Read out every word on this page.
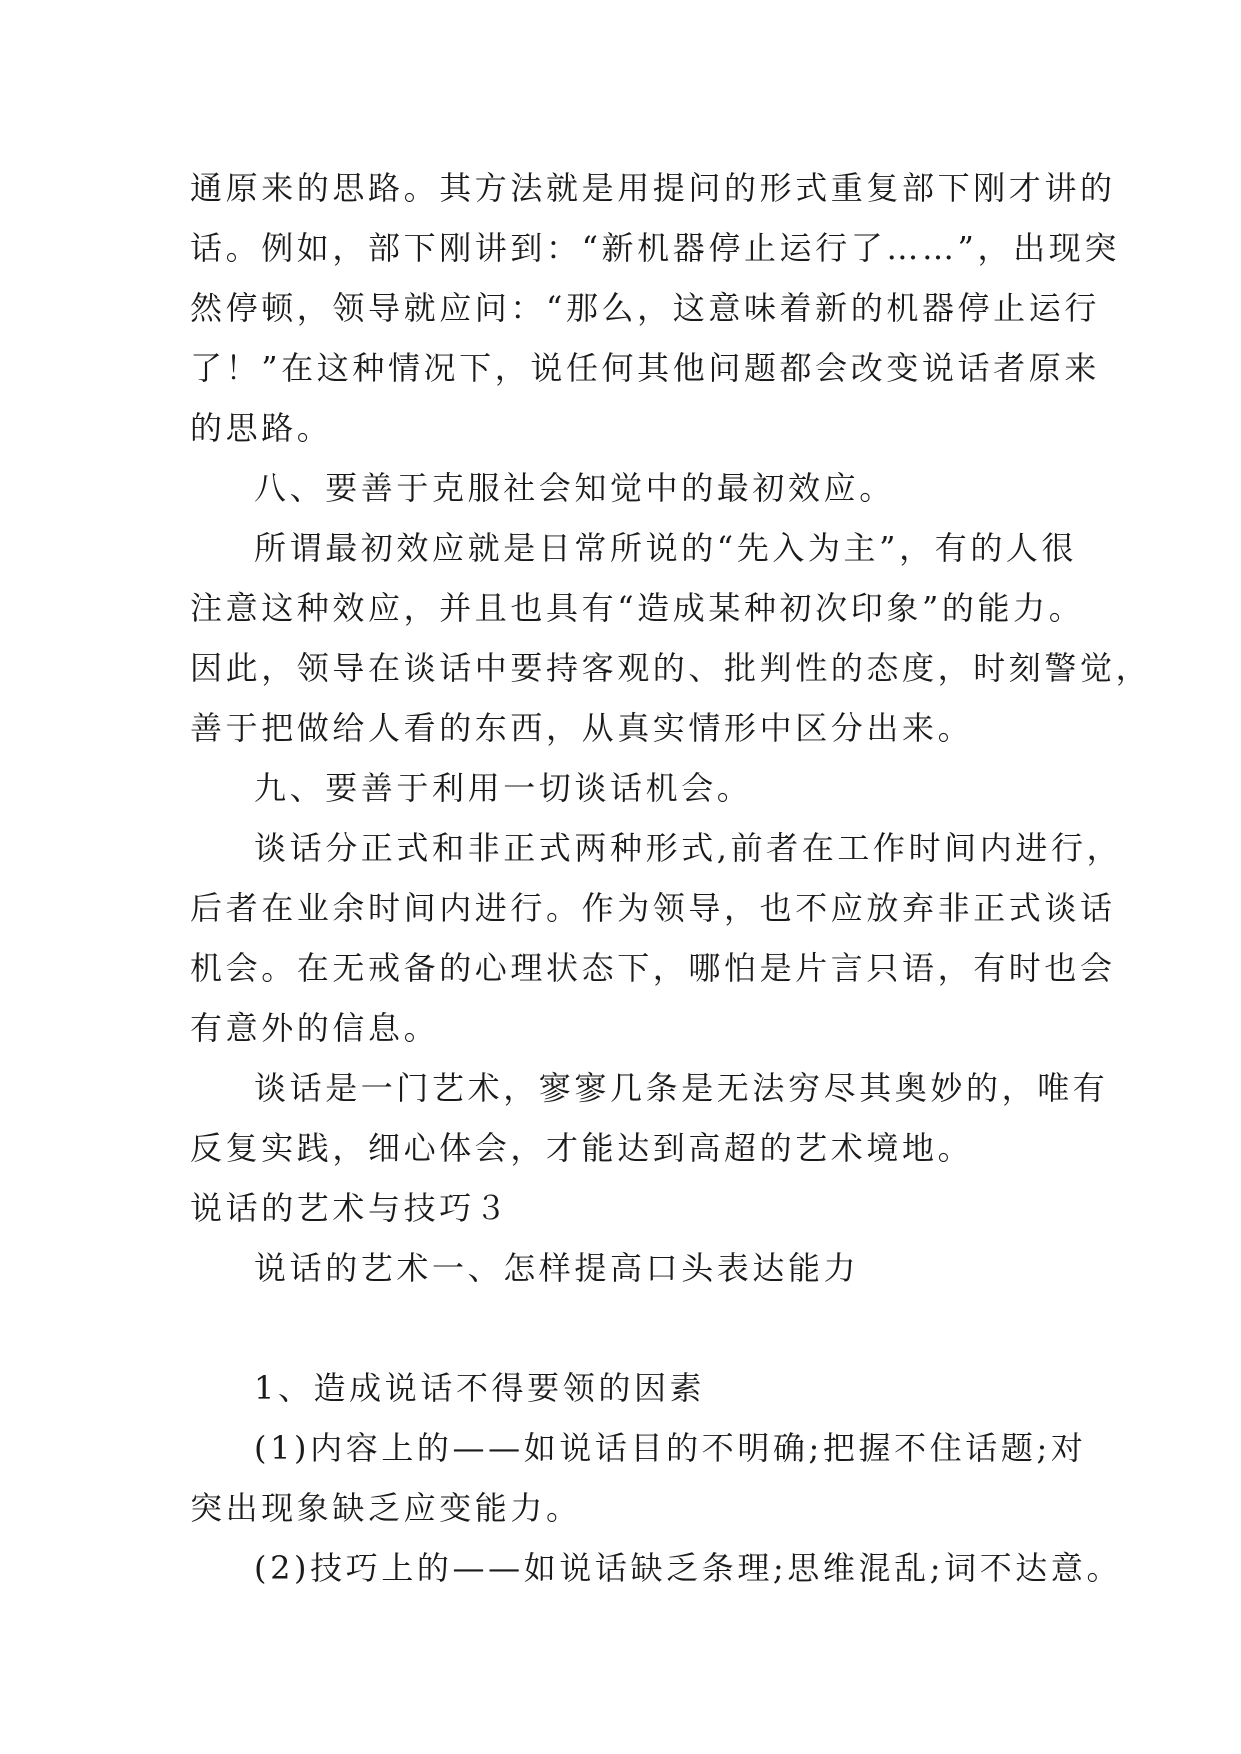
通原来的思路。其方法就是用提问的形式重复部下刚才讲的
话。例如，部下刚讲到：“新机器停止运行了……”，出现突
然停顿，领导就应问：“那么，这意味着新的机器停止运行
了！”在这种情况下，说任何其他问题都会改变说话者原来
的思路。
八、要善于克服社会知觉中的最初效应。
所谓最初效应就是日常所说的“先入为主”，有的人很
注意这种效应，并且也具有“造成某种初次印象”的能力。
因此，领导在谈话中要持客观的、批判性的态度，时刻警觉，
善于把做给人看的东西，从真实情形中区分出来。
九、要善于利用一切谈话机会。
谈话分正式和非正式两种形式,前者在工作时间内进行，
后者在业余时间内进行。作为领导，也不应放弃非正式谈话
机会。在无戒备的心理状态下，哪怕是片言只语，有时也会
有意外的信息。
谈话是一门艺术，寥寥几条是无法穷尽其奥妙的，唯有
反复实践，细心体会，才能达到高超的艺术境地。
说话的艺术与技巧３
说话的艺术一、怎样提高口头表达能力
1、造成说话不得要领的因素
(1)内容上的——如说话目的不明确;把握不住话题;对
突出现象缺乏应变能力。
(2)技巧上的——如说话缺乏条理;思维混乱;词不达意。
